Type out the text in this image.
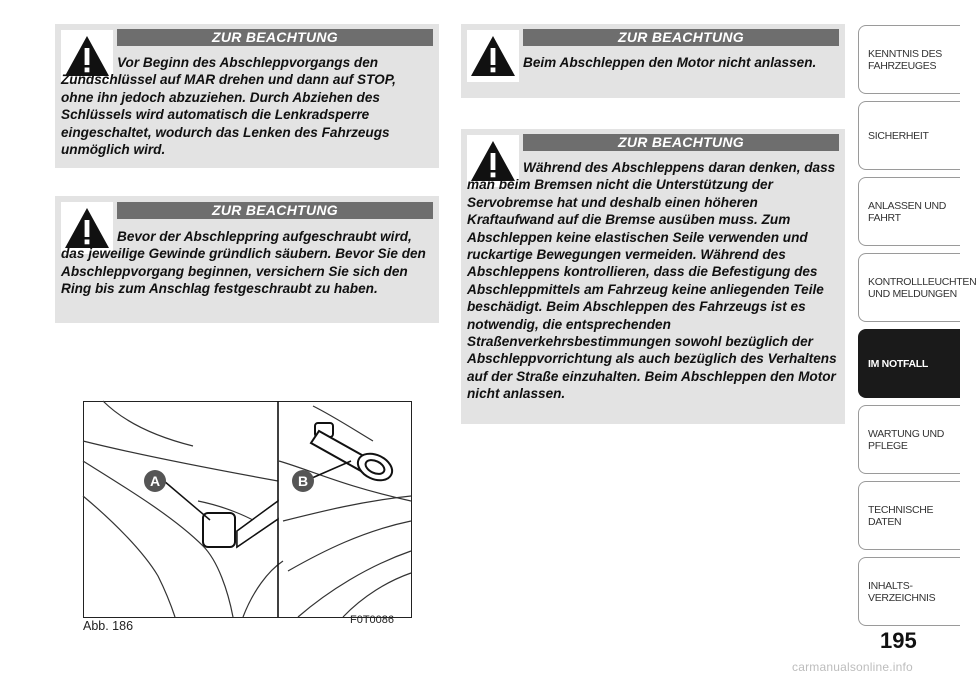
ZUR BEACHTUNG

Vor Beginn des Abschleppvorgangs den Zündschlüssel auf MAR drehen und dann auf STOP, ohne ihn jedoch abzuziehen. Durch Abziehen des Schlüssels wird automatisch die Lenkradsperre eingeschaltet, wodurch das Lenken des Fahrzeugs unmöglich wird.

ZUR BEACHTUNG

Bevor der Abschleppring aufgeschraubt wird, das jeweilige Gewinde gründlich säubern. Bevor Sie den Abschleppvorgang beginnen, versichern Sie sich den Ring bis zum Anschlag festgeschraubt zu haben.

ZUR BEACHTUNG

Beim Abschleppen den Motor nicht anlassen.

ZUR BEACHTUNG

Während des Abschleppens daran denken, dass man beim Bremsen nicht die Unterstützung der Servobremse hat und deshalb einen höheren Kraftaufwand auf die Bremse ausüben muss. Zum Abschleppen keine elastischen Seile verwenden und ruckartige Bewegungen vermeiden. Während des Abschleppens kontrollieren, dass die Befestigung des Abschleppmittels am Fahrzeug keine anliegenden Teile beschädigt. Beim Abschleppen des Fahrzeugs ist es notwendig, die entsprechenden Straßenverkehrsbestimmungen sowohl bezüglich der Abschleppvorrichtung als auch bezüglich des Verhaltens auf der Straße einzuhalten. Beim Abschleppen den Motor nicht anlassen.

A	B
Abb. 186	F0T0086
KENNTNIS DES
FAHRZEUGES
SICHERHEIT
ANLASSEN UND
FAHRT
KONTROLLLEUCHTEN
UND MELDUNGEN
IM NOTFALL
WARTUNG UND
PFLEGE
TECHNISCHE DATEN
INHALTS-
VERZEICHNIS
195
carmanualsonline.info
